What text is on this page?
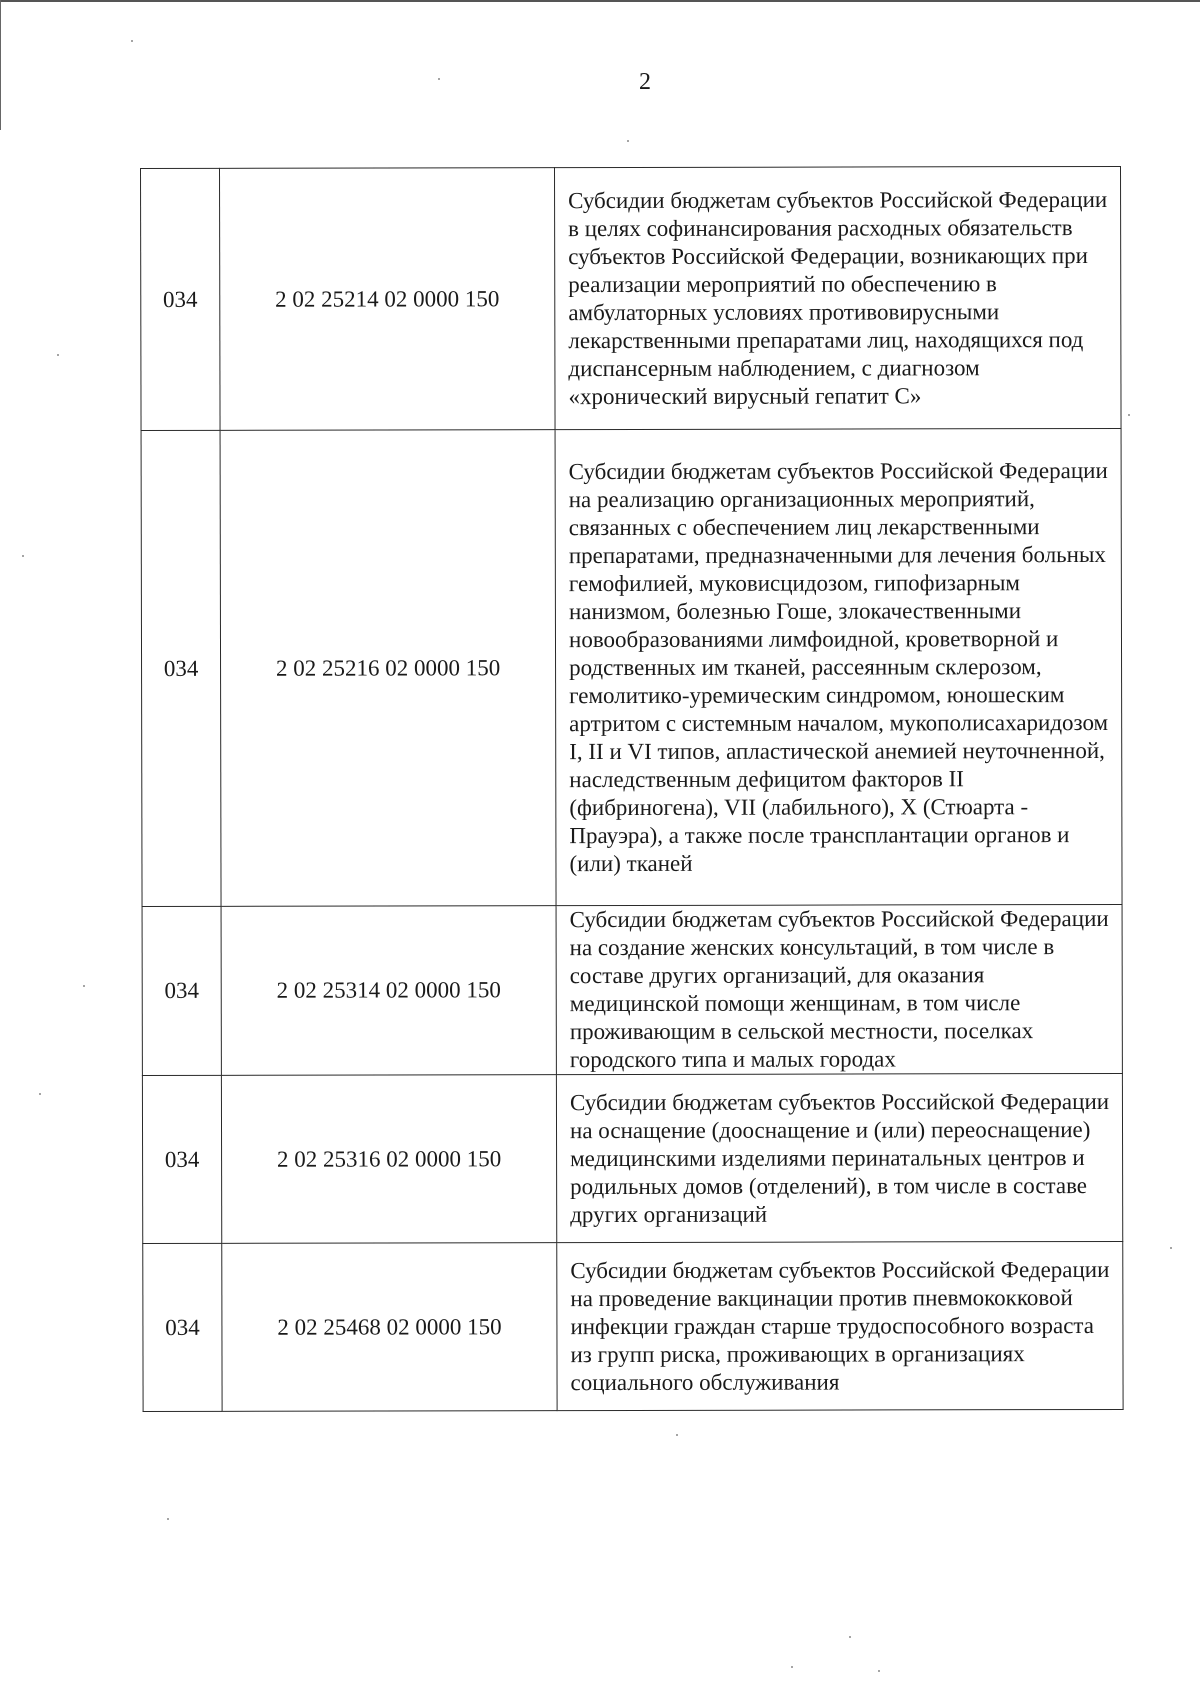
2
034	2 02 25214 02 0000 150	Субсидии бюджетам субъектов Российской Федерации в целях софинансирования расходных обязательств субъектов Российской Федерации, возникающих при реализации мероприятий по обеспечению в амбулаторных условиях противовирусными лекарственными препаратами лиц, находящихся под диспансерным наблюдением, с диагнозом «хронический вирусный гепатит С»

034	2 02 25216 02 0000 150	Субсидии бюджетам субъектов Российской Федерации на реализацию организационных мероприятий, связанных с обеспечением лиц лекарственными препаратами, предназначенными для лечения больных гемофилией, муковисцидозом, гипофизарным нанизмом, болезнью Гоше, злокачественными новообразованиями лимфоидной, кроветворной и родственных им тканей, рассеянным склерозом, гемолитико-уремическим синдромом, юношеским артритом с системным началом, мукополисахаридозом I, II и VI типов, апластической анемией неуточненной, наследственным дефицитом факторов II (фибриногена), VII (лабильного), X (Стюарта - Прауэра), а также после трансплантации органов и (или) тканей

034	2 02 25314 02 0000 150	Субсидии бюджетам субъектов Российской Федерации на создание женских консультаций, в том числе в составе других организаций, для оказания медицинской помощи женщинам, в том числе проживающим в сельской местности, поселках городского типа и малых городах

034	2 02 25316 02 0000 150	Субсидии бюджетам субъектов Российской Федерации на оснащение (дооснащение и (или) переоснащение) медицинскими изделиями перинатальных центров и родильных домов (отделений), в том числе в составе других организаций

034	2 02 25468 02 0000 150	Субсидии бюджетам субъектов Российской Федерации на проведение вакцинации против пневмококковой инфекции граждан старше трудоспособного возраста из групп риска, проживающих в организациях социального обслуживания
